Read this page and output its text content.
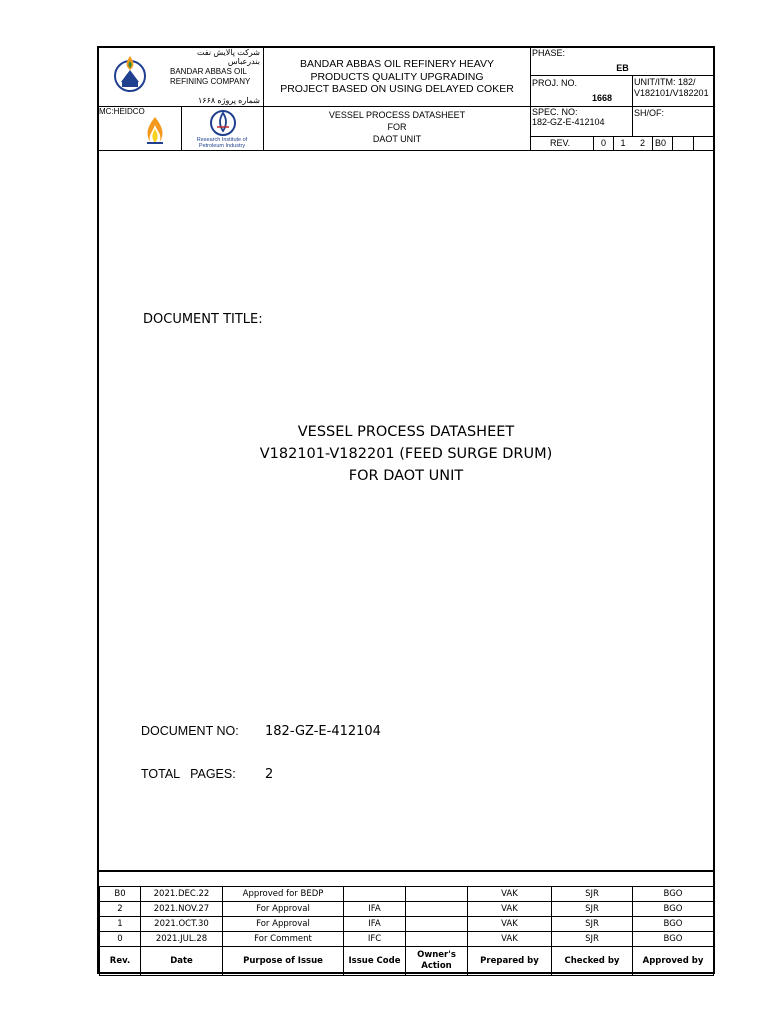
شرکت پالایش نفت بندرعباس
BANDAR ABBAS OIL
REFINING COMPANY
شماره پروژه ۱۶۶۸
BANDAR ABBAS OIL REFINERY HEAVY
PRODUCTS QUALITY UPGRADING
PROJECT BASED ON USING DELAYED COKER
MC:HEIDCO
Research Institute of
Petroleum Industry
VESSEL PROCESS DATASHEET
FOR
DAOT UNIT
PHASE:
EB
PROJ. NO.
1668
UNIT/ITM: 182/
V182101/V182201
SPEC. NO:
182-GZ-E-412104
SH/OF:
REV.	0	1	2	B0
DOCUMENT TITLE:
VESSEL PROCESS DATASHEET
V182101-V182201 (FEED SURGE DRUM)
FOR DAOT UNIT
DOCUMENT NO: 182-GZ-E-412104
TOTAL   PAGES: 2
B0	2021.DEC.22	Approved for BEDP			VAK	SJR	BGO
2	2021.NOV.27	For Approval	IFA		VAK	SJR	BGO
1	2021.OCT.30	For Approval	IFA		VAK	SJR	BGO
0	2021.JUL.28	For Comment	IFC		VAK	SJR	BGO
Rev.	Date	Purpose of Issue	Issue Code	Owner's Action	Prepared by	Checked by	Approved by
